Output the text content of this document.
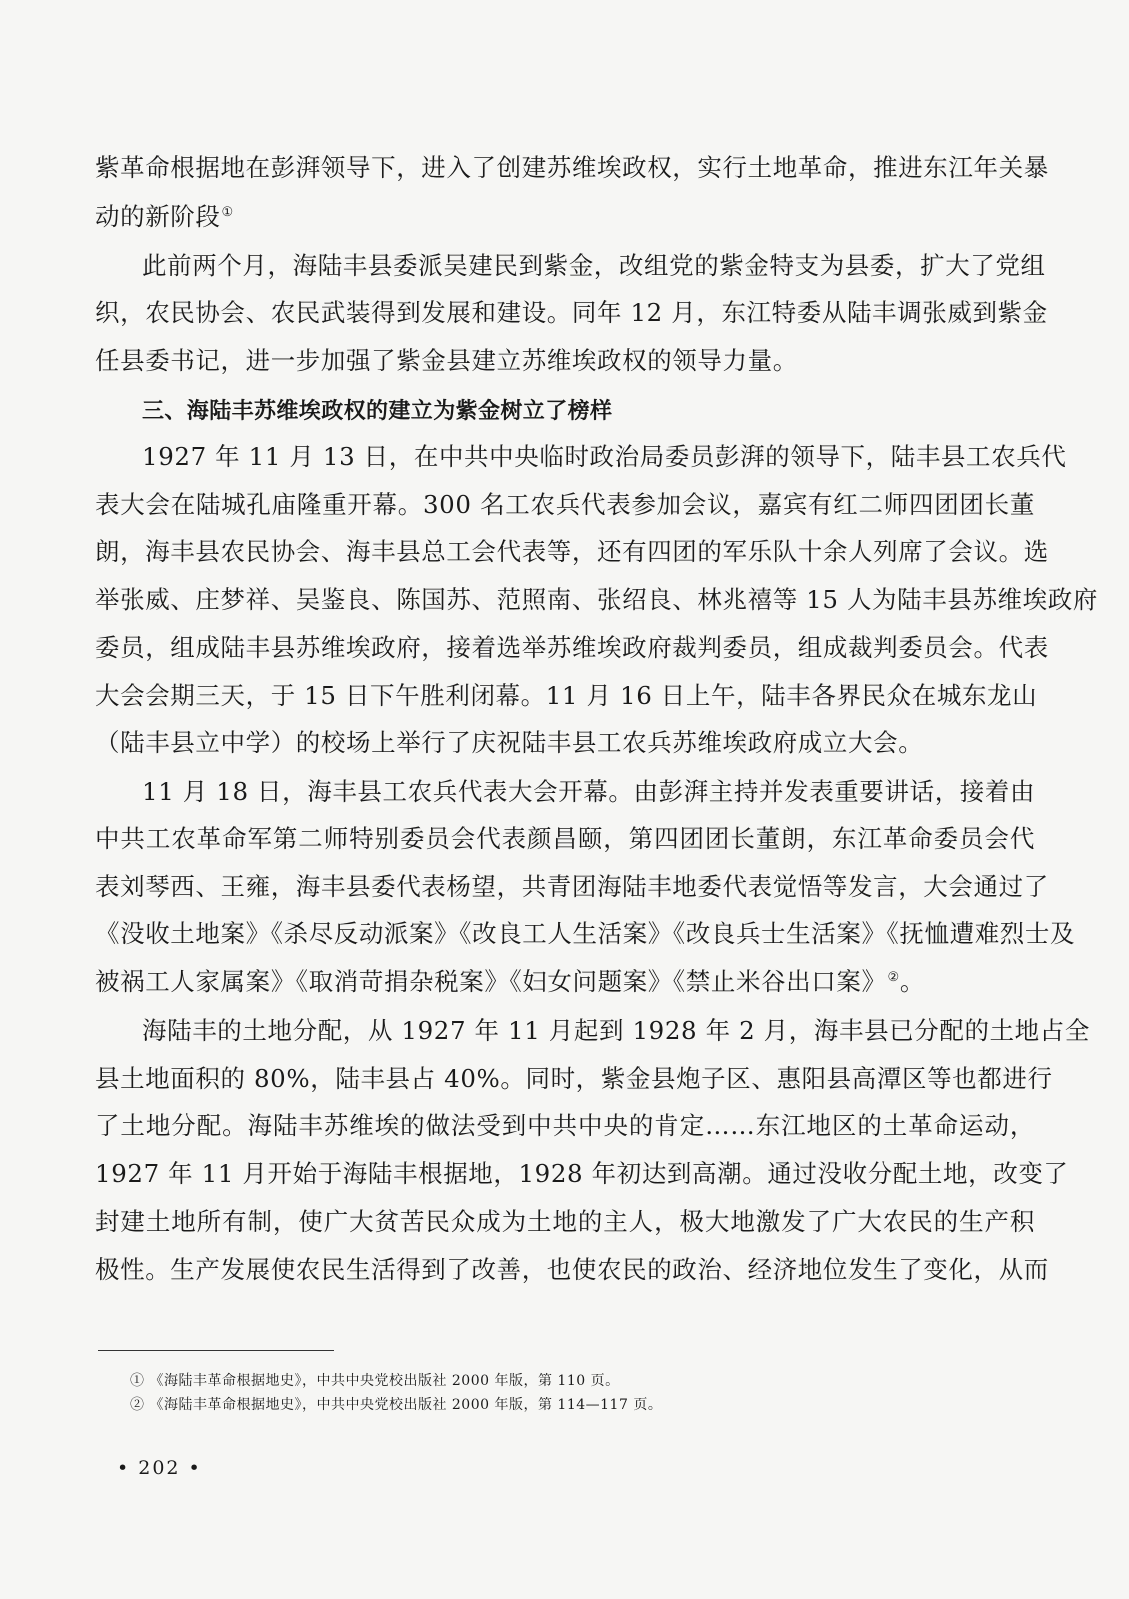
紫革命根据地在彭湃领导下，进入了创建苏维埃政权，实行土地革命，推进东江年关暴
动的新阶段①
此前两个月，海陆丰县委派吴建民到紫金，改组党的紫金特支为县委，扩大了党组
织，农民协会、农民武装得到发展和建设。同年 12 月，东江特委从陆丰调张威到紫金
任县委书记，进一步加强了紫金县建立苏维埃政权的领导力量。
三、海陆丰苏维埃政权的建立为紫金树立了榜样
1927 年 11 月 13 日，在中共中央临时政治局委员彭湃的领导下，陆丰县工农兵代
表大会在陆城孔庙隆重开幕。300 名工农兵代表参加会议，嘉宾有红二师四团团长董
朗，海丰县农民协会、海丰县总工会代表等，还有四团的军乐队十余人列席了会议。选
举张威、庄梦祥、吴鉴良、陈国苏、范照南、张绍良、林兆禧等 15 人为陆丰县苏维埃政府
委员，组成陆丰县苏维埃政府，接着选举苏维埃政府裁判委员，组成裁判委员会。代表
大会会期三天，于 15 日下午胜利闭幕。11 月 16 日上午，陆丰各界民众在城东龙山
（陆丰县立中学）的校场上举行了庆祝陆丰县工农兵苏维埃政府成立大会。
11 月 18 日，海丰县工农兵代表大会开幕。由彭湃主持并发表重要讲话，接着由
中共工农革命军第二师特别委员会代表颜昌颐，第四团团长董朗，东江革命委员会代
表刘琴西、王雍，海丰县委代表杨望，共青团海陆丰地委代表觉悟等发言，大会通过了
《没收土地案》《杀尽反动派案》《改良工人生活案》《改良兵士生活案》《抚恤遭难烈士及
被祸工人家属案》《取消苛捐杂税案》《妇女问题案》《禁止米谷出口案》②。
海陆丰的土地分配，从 1927 年 11 月起到 1928 年 2 月，海丰县已分配的土地占全
县土地面积的 80%，陆丰县占 40%。同时，紫金县炮子区、惠阳县高潭区等也都进行
了土地分配。海陆丰苏维埃的做法受到中共中央的肯定……东江地区的土革命运动，
1927 年 11 月开始于海陆丰根据地，1928 年初达到高潮。通过没收分配土地，改变了
封建土地所有制，使广大贫苦民众成为土地的主人，极大地激发了广大农民的生产积
极性。生产发展使农民生活得到了改善，也使农民的政治、经济地位发生了变化，从而
① 《海陆丰革命根据地史》，中共中央党校出版社 2000 年版，第 110 页。
② 《海陆丰革命根据地史》，中共中央党校出版社 2000 年版，第 114—117 页。
• 202 •
